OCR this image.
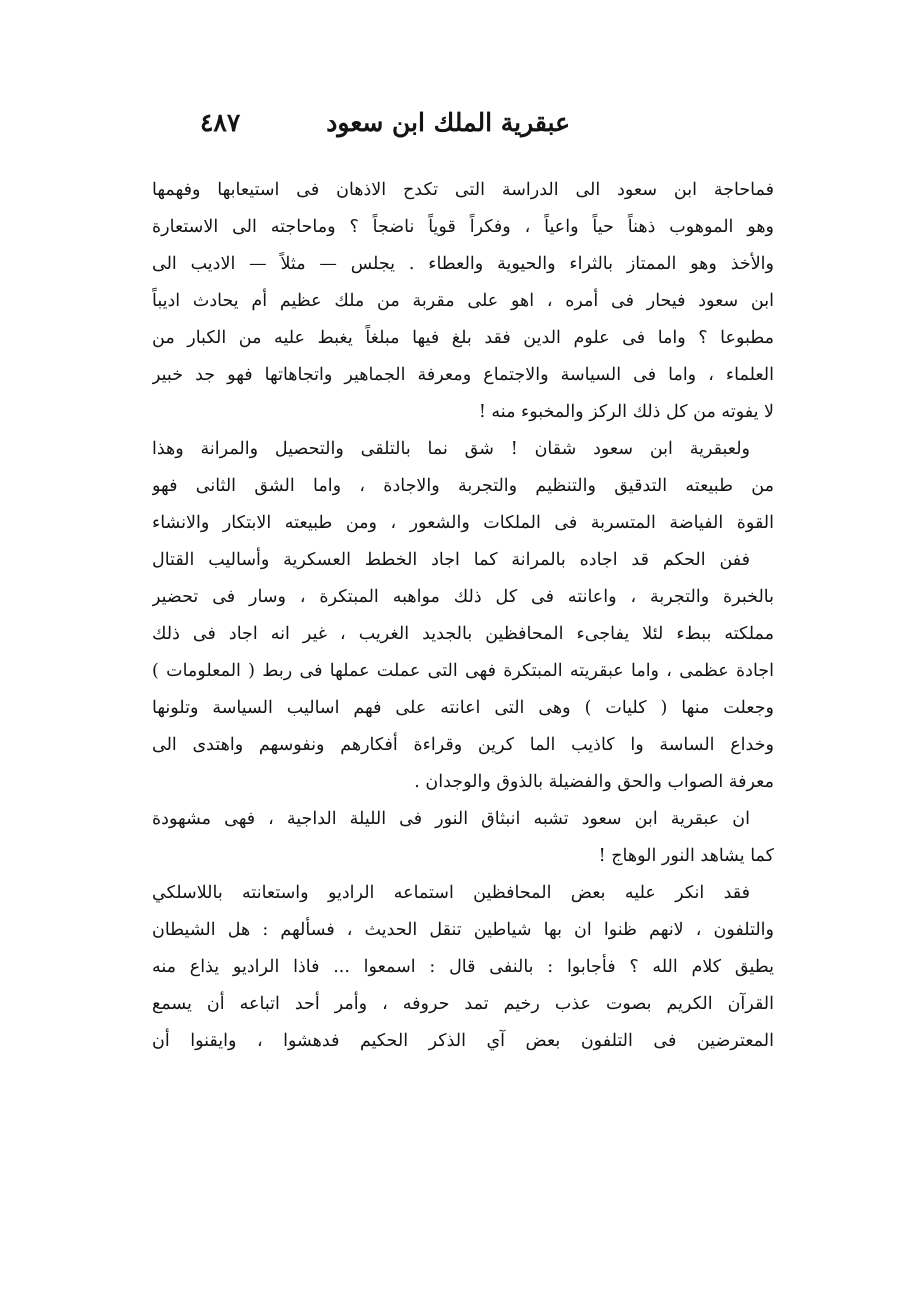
عبقرية الملك ابن سعود
٤٨٧
فماحاجة ابن سعود الى الدراسة التى تكدح الاذهان فى استيعابها وفهمها
وهو الموهوب ذهناً حياً واعياً ، وفكراً قوياً ناضجاً ؟ وماحاجته الى الاستعارة
والأخذ وهو الممتاز بالثراء والحيوية والعطاء . يجلس — مثلاً — الاديب الى
ابن سعود فيحار فى أمره ، اهو على مقربة من ملك عظيم أم يحادث اديباً
مطبوعا ؟ واما فى علوم الدين فقد بلغ فيها مبلغاً يغبط عليه من الكبار من
العلماء ، واما فى السياسة والاجتماع ومعرفة الجماهير واتجاهاتها فهو جد خبير
لا يفوته من كل ذلك الركز والمخبوء منه !
ولعبقرية ابن سعود شقان ! شق نما بالتلقى والتحصيل والمرانة وهذا
من طبيعته التدقيق والتنظيم والتجربة والاجادة ، واما الشق الثانى فهو
القوة الفياضة المتسربة فى الملكات والشعور ، ومن طبيعته الابتكار والانشاء
ففن الحكم قد اجاده بالمرانة كما اجاد الخطط العسكرية وأساليب القتال
بالخبرة والتجربة ، واعانته فى كل ذلك مواهبه المبتكرة ، وسار فى تحضير
مملكته ببطء لئلا يفاجىء المحافظين بالجديد الغريب ، غير انه اجاد فى ذلك
اجادة عظمى ، واما عبقريته المبتكرة فهى التى عملت عملها فى ربط ( المعلومات )
وجعلت منها ( كليات ) وهى التى اعانته على فهم اساليب السياسة وتلونها
وخداع الساسة وا كاذيب الما كرين وقراءة أفكارهم ونفوسهم واهتدى الى
معرفة الصواب والحق والفضيلة بالذوق والوجدان .
ان عبقرية ابن سعود تشبه انبثاق النور فى الليلة الداجية ، فهى مشهودة
كما يشاهد النور الوهاج !
فقد انكر عليه بعض المحافظين استماعه الراديو واستعانته باللاسلكي
والتلفون ، لانهم ظنوا ان بها شياطين تنقل الحديث ، فسألهم : هل الشيطان
يطيق كلام الله ؟ فأجابوا : بالنفى قال : اسمعوا ... فاذا الراديو يذاع منه
القرآن الكريم بصوت عذب رخيم تمد حروفه ، وأمر أحد اتباعه أن يسمع
المعترضين فى التلفون بعض آي الذكر الحكيم فدهشوا ، وايقنوا أن
